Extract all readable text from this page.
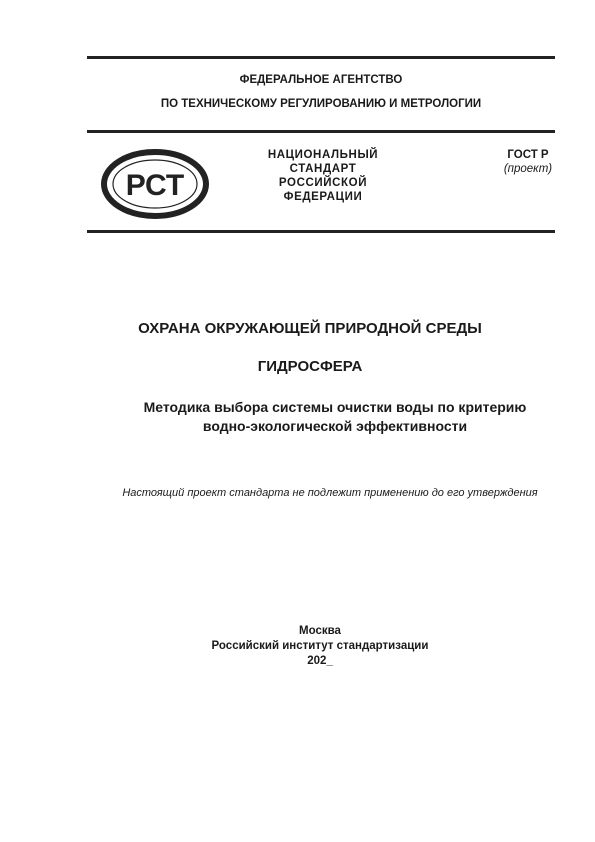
ФЕДЕРАЛЬНОЕ АГЕНТСТВО
ПО ТЕХНИЧЕСКОМУ РЕГУЛИРОВАНИЮ И МЕТРОЛОГИИ
РСТ
НАЦИОНАЛЬНЫЙ
СТАНДАРТ
РОССИЙСКОЙ
ФЕДЕРАЦИИ
ГОСТ Р
(проект)
ОХРАНА ОКРУЖАЮЩЕЙ ПРИРОДНОЙ СРЕДЫ
ГИДРОСФЕРА
Методика выбора системы очистки воды по критерию
водно-экологической эффективности
Настоящий проект стандарта не подлежит применению до его утверждения
Москва
Российский институт стандартизации
202_
